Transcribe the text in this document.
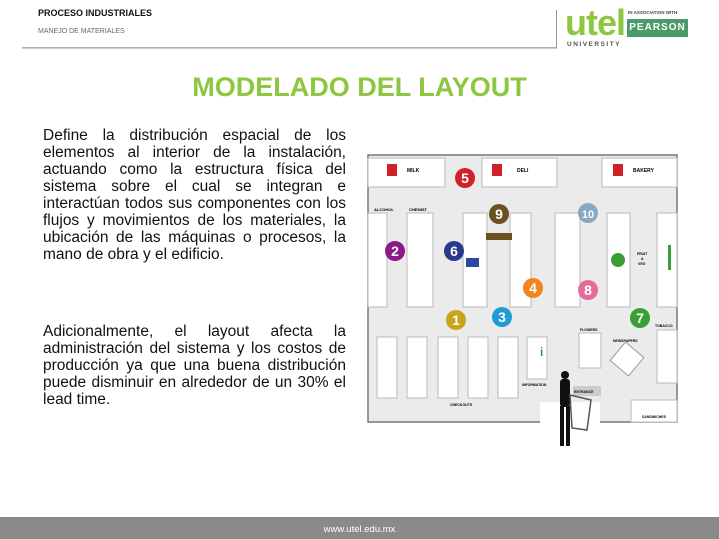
PROCESO INDUSTRIALES
MANEJO DE MATERIALES	utel
UNIVERSITY
IN ASSOCIATION WITH
PEARSON
MODELADO DEL LAYOUT

Define la distribución espacial de los elementos al interior de la instalación, actuando como la estructura física del sistema sobre el cual se integran e interactúan todos sus componentes con los flujos y movimientos de los materiales, la ubicación de las máquinas o procesos, la mano de obra y el edificio.

Adicionalmente, el layout afecta la administración del sistema y los costos de producción ya que una buena distribución puede disminuir en alrededor de un 30% el lead time.

MILK	DELI	BAKERY
ALCOHOL	CHEMIST
FRUIT
&
VEG
i
FLOWERS
NEWSPAPERS
TOBACCO
INFORMATION
ENTRANCE
CHECKOUTS
SANDWICHES
1
2
3
4
5
6
7
8
9	10
www.utel.edu.mx
